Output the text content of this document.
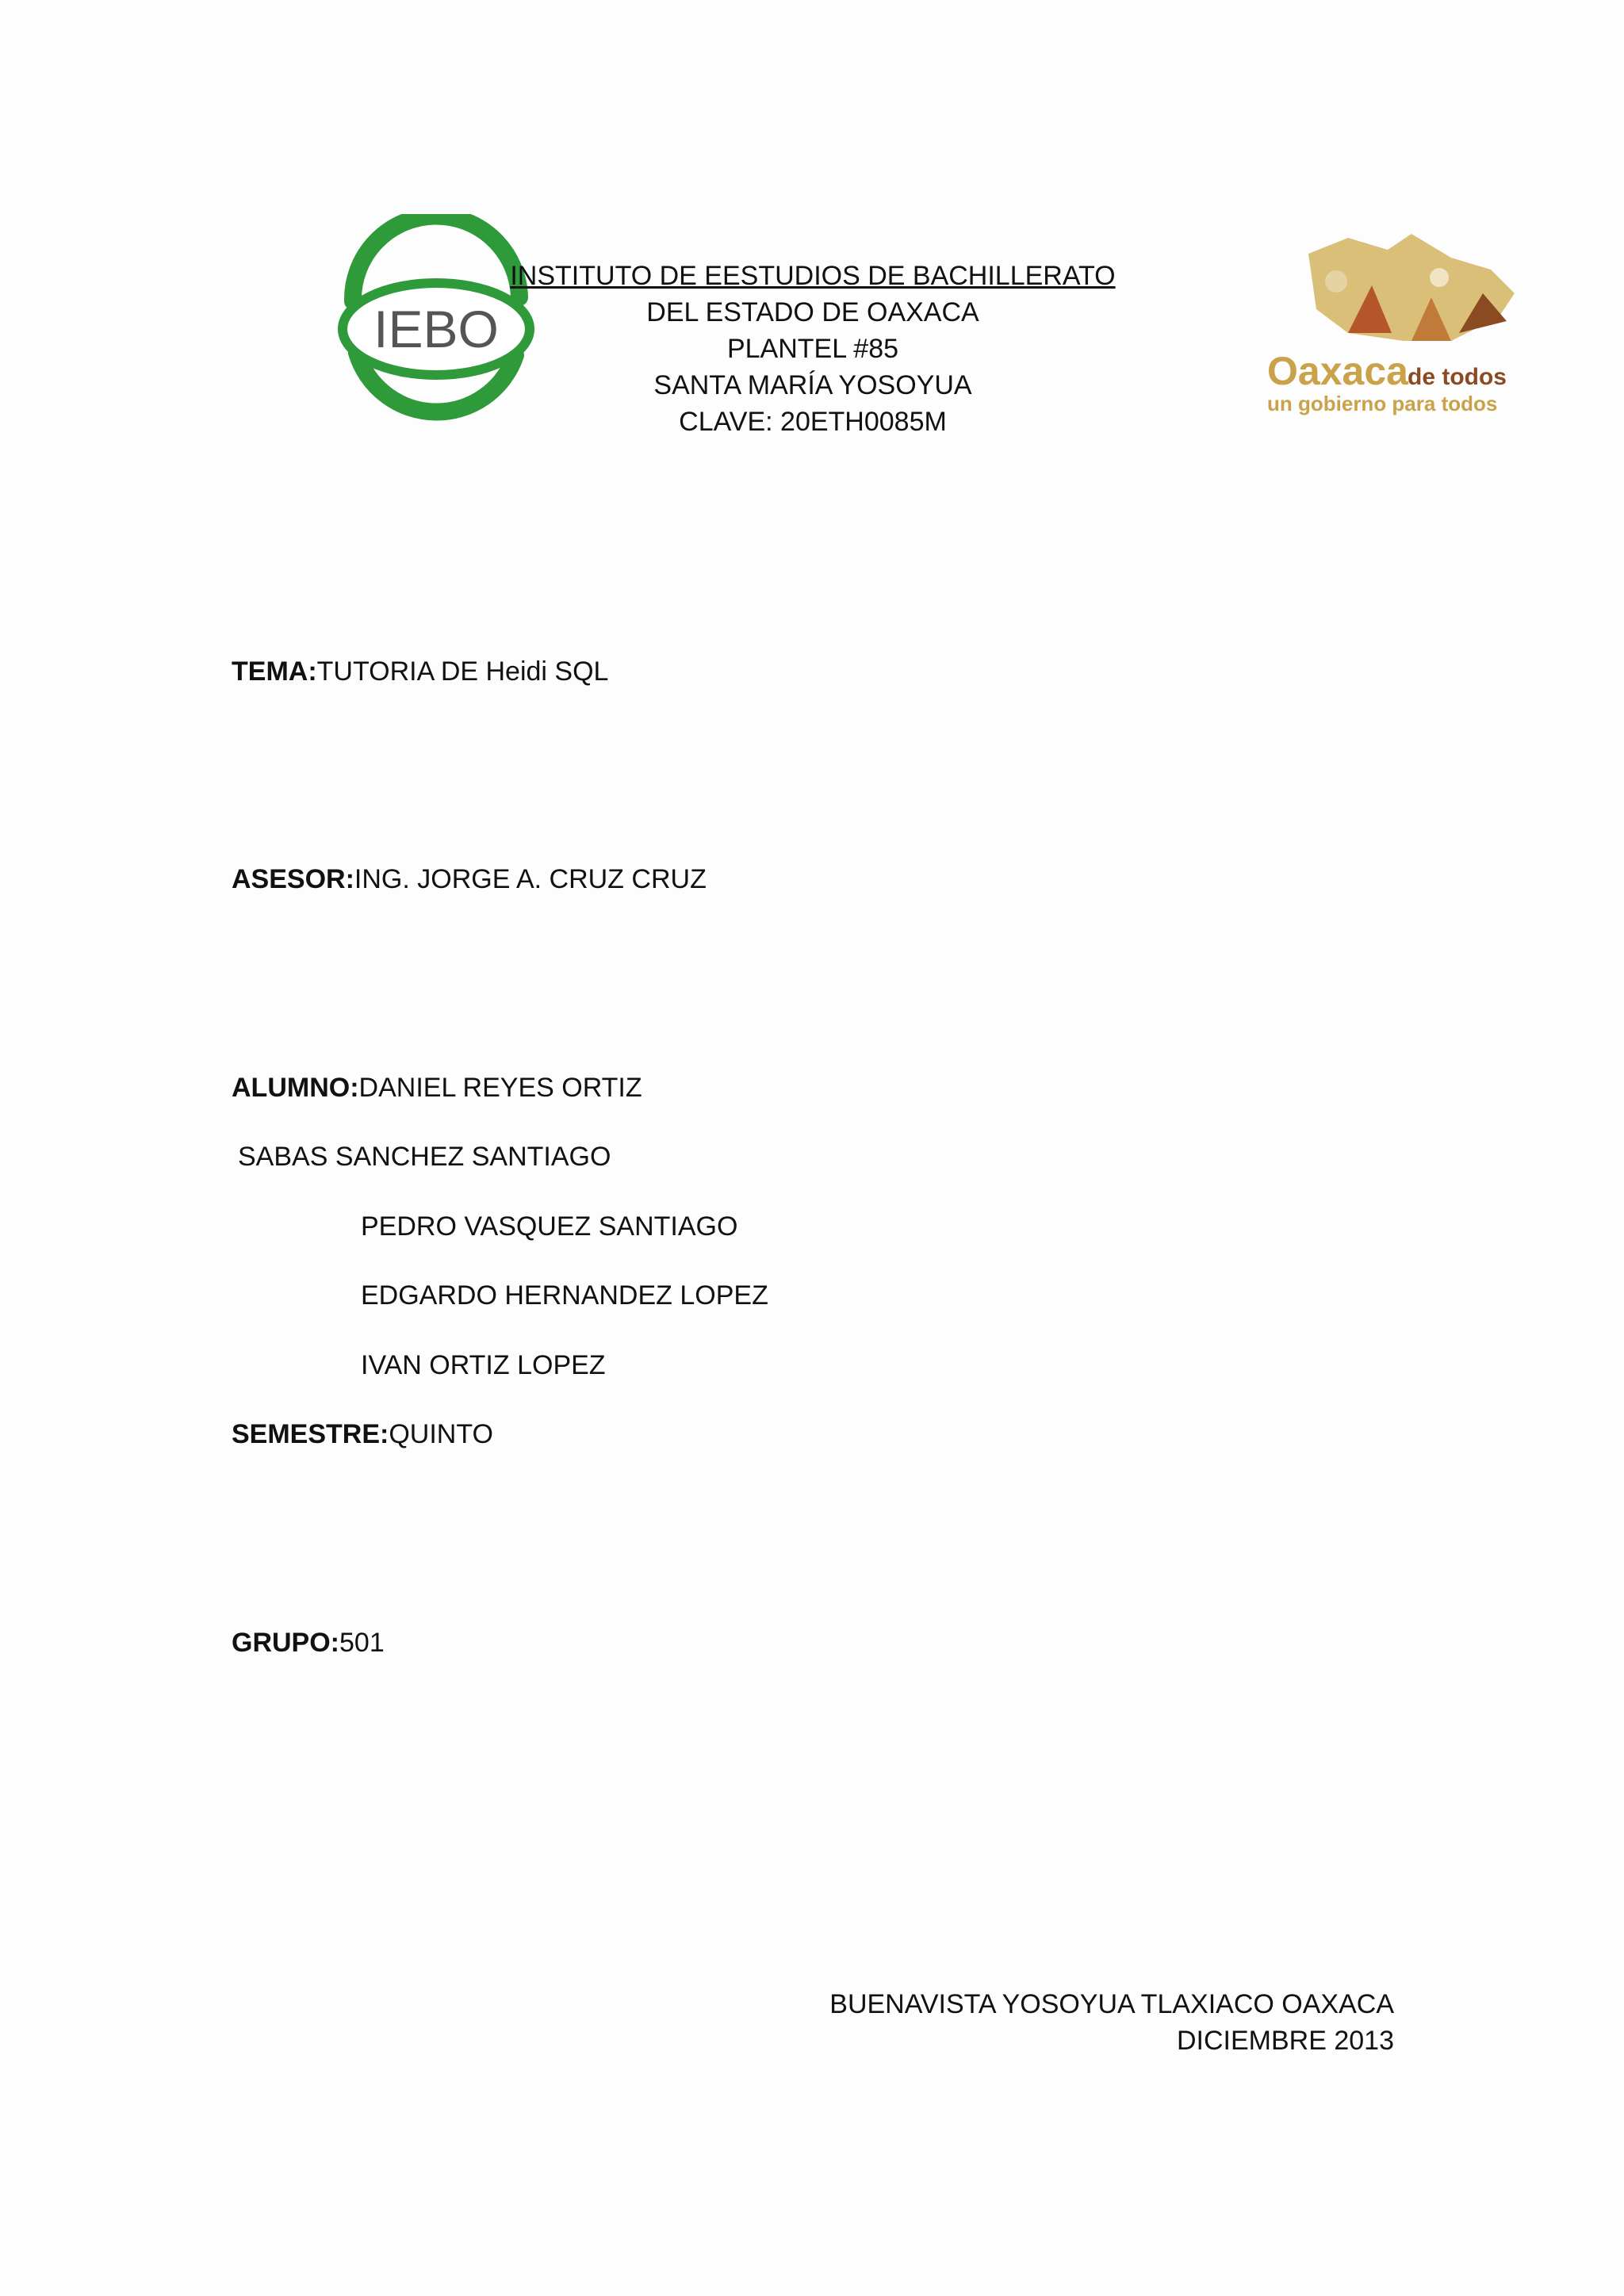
IEBO
INSTITUTO DE EESTUDIOS DE BACHILLERATO
DEL ESTADO DE OAXACA
PLANTEL #85
SANTA MARÍA YOSOYUA
CLAVE: 20ETH0085M
Oaxaca de todos
un gobierno para todos
TEMA:TUTORIA DE Heidi SQL
ASESOR:ING. JORGE A. CRUZ CRUZ
ALUMNO:DANIEL REYES ORTIZ
SABAS SANCHEZ SANTIAGO
PEDRO VASQUEZ SANTIAGO
EDGARDO HERNANDEZ LOPEZ
IVAN ORTIZ LOPEZ
SEMESTRE:QUINTO
GRUPO:501
BUENAVISTA YOSOYUA TLAXIACO OAXACA
DICIEMBRE 2013
